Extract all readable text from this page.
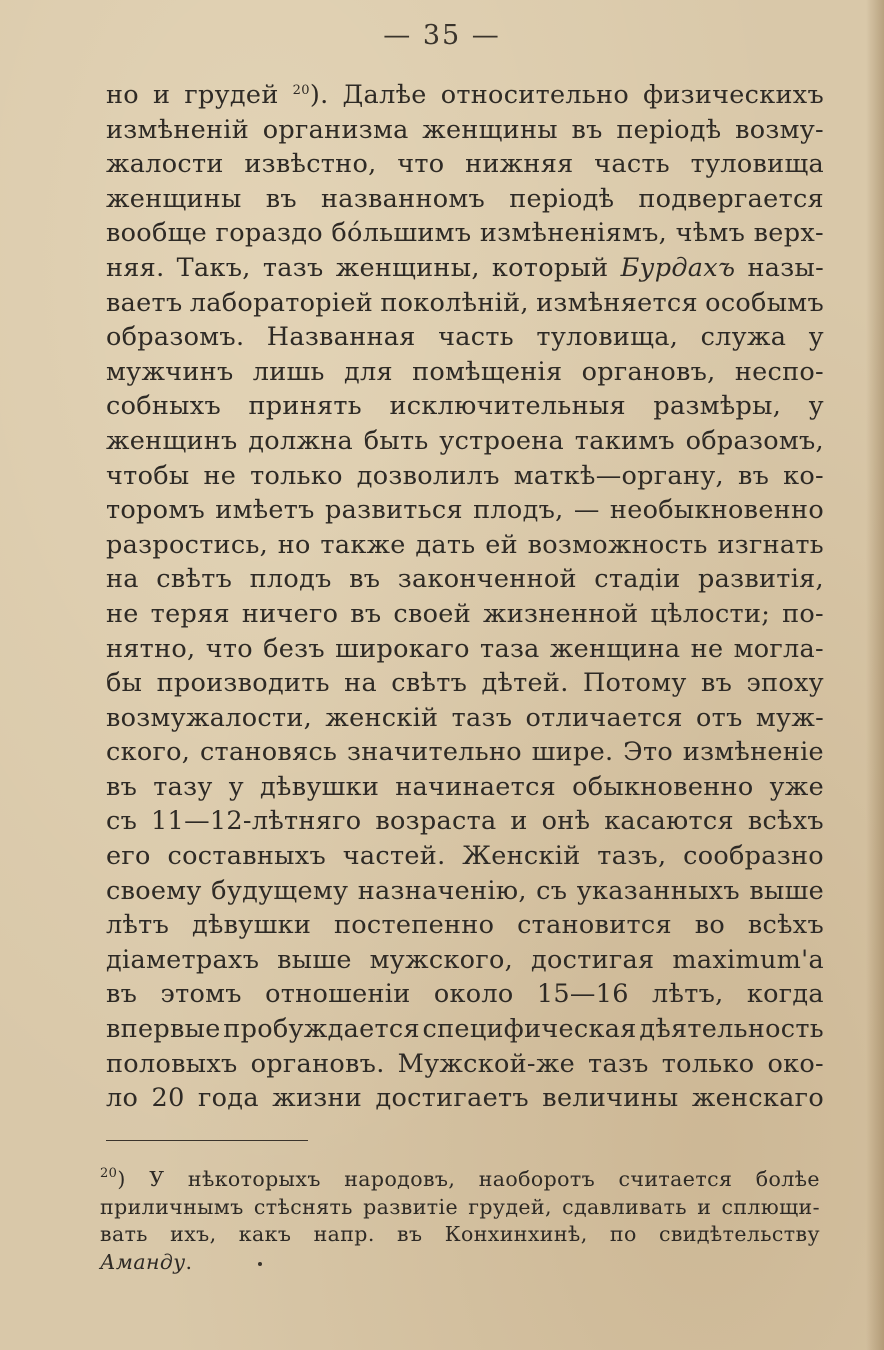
— 35 —
но и грудей $^{20}$). Далѣе относительно физическихъ
измѣненій организма женщины въ періодѣ возму-
жалости извѣстно, что нижняя часть туловища
женщины въ названномъ періодѣ подвергается
вообще гораздо бо́льшимъ измѣненіямъ, чѣмъ верх-
няя. Такъ, тазъ женщины, который Бурдахъ назы-
ваетъ лабораторіей поколѣній, измѣняется особымъ
образомъ. Названная часть туловища, служа у
мужчинъ лишь для помѣщенія органовъ, неспо-
собныхъ принять исключительныя размѣры, у
женщинъ должна быть устроена такимъ образомъ,
чтобы не только дозволилъ маткѣ—органу, въ ко-
торомъ имѣетъ развиться плодъ, — необыкновенно
разростись, но также дать ей возможность изгнать
на свѣтъ плодъ въ законченной стадіи развитія,
не теряя ничего въ своей жизненной цѣлости; по-
нятно, что безъ широкаго таза женщина не могла-
бы производить на свѣтъ дѣтей. Потому въ эпоху
возмужалости, женскій тазъ отличается отъ муж-
ского, становясь значительно шире. Это измѣненіе
въ тазу у дѣвушки начинается обыкновенно уже
съ 11—12-лѣтняго возраста и онѣ касаются всѣхъ
его составныхъ частей. Женскій тазъ, сообразно
своему будущему назначенію, съ указанныхъ выше
лѣтъ дѣвушки постепенно становится во всѣхъ
діаметрахъ выше мужского, достигая maximum'а
въ этомъ отношеніи около 15—16 лѣтъ, когда
впервые пробуждается специфическая дѣятельность
половыхъ органовъ. Мужской-же тазъ только око-
ло 20 года жизни достигаетъ величины женскаго
$^{20}$) У нѣкоторыхъ народовъ, наоборотъ считается болѣе
приличнымъ стѣснять развитіе грудей, сдавливать и сплющи-
вать ихъ, какъ напр. въ Конхинхинѣ, по свидѣтельству
Аманду.
